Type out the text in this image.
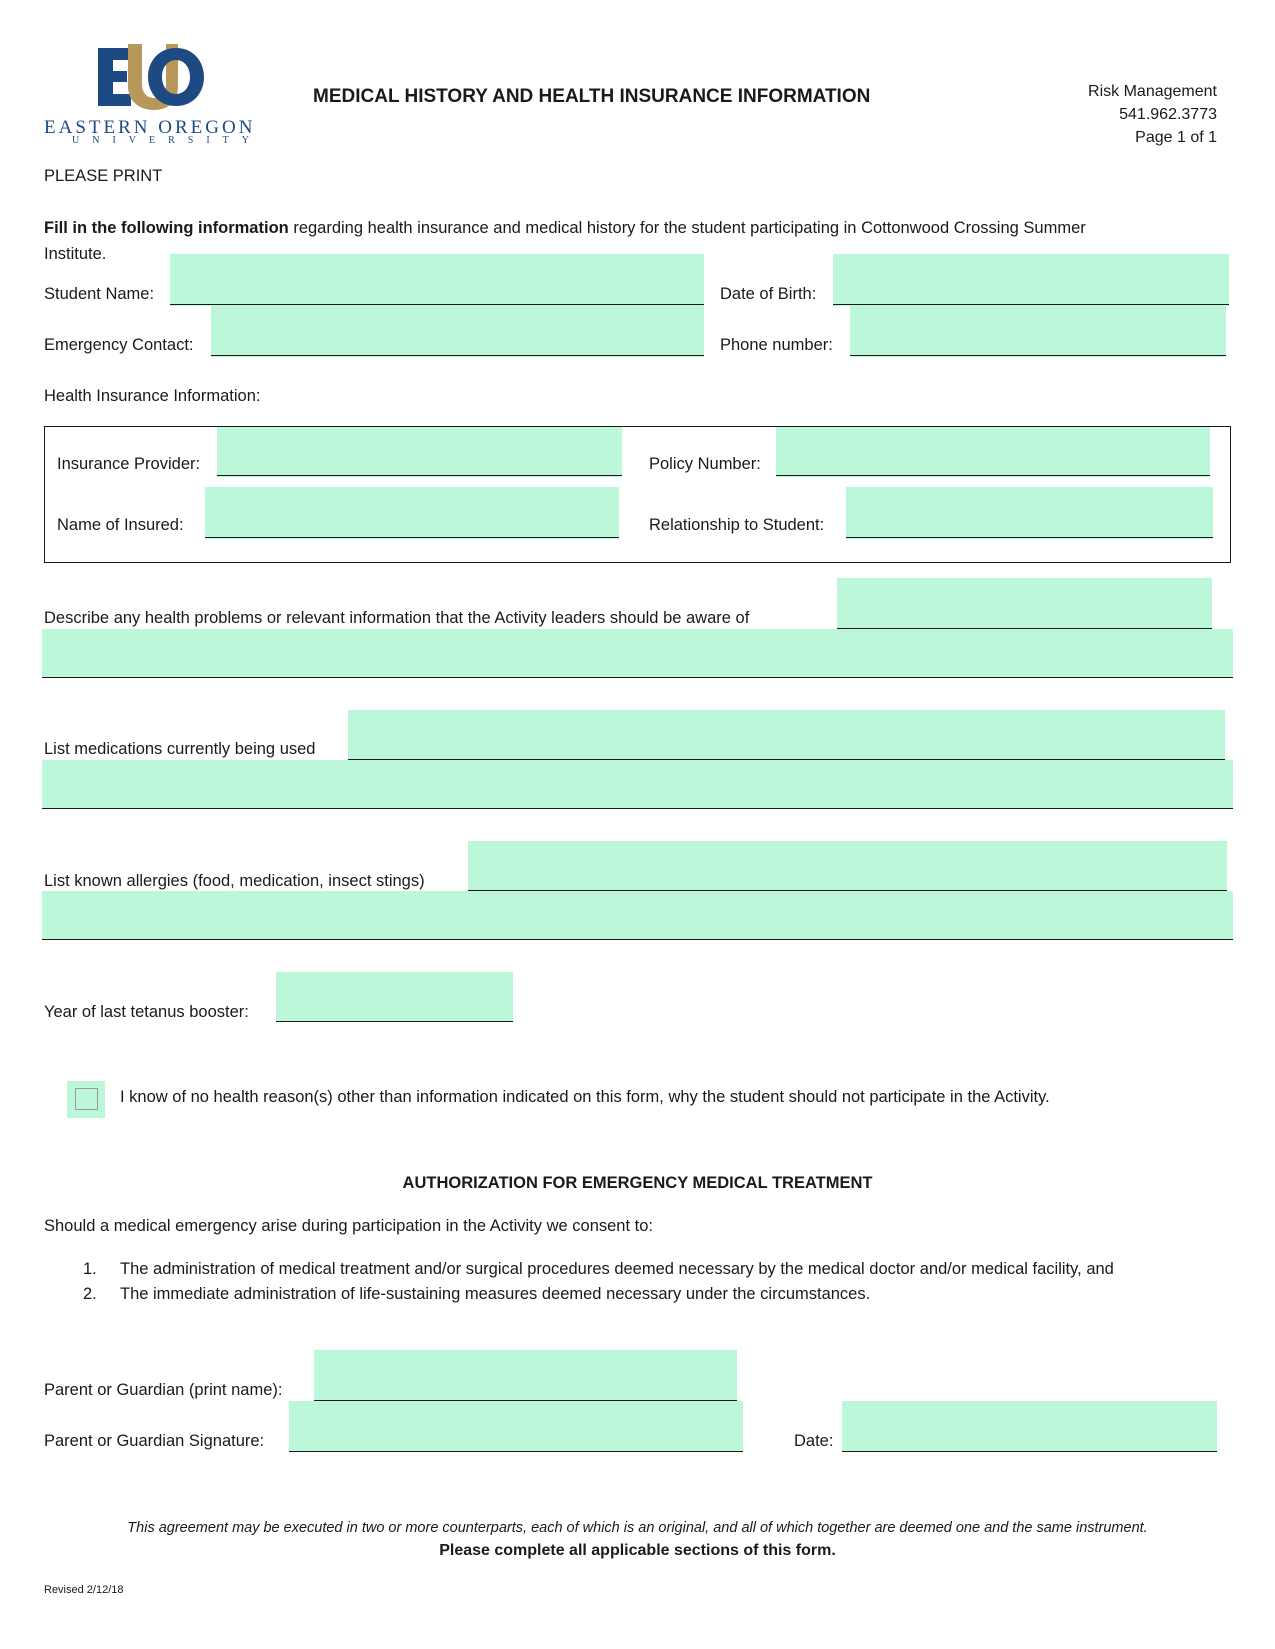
EASTERN OREGON
UNIVERSITY
MEDICAL HISTORY AND HEALTH INSURANCE INFORMATION	Risk Management
541.962.3773
Page 1 of 1
PLEASE PRINT
Fill in the following information regarding health insurance and medical history for the student participating in Cottonwood Crossing Summer
Institute.
Student Name:	Date of Birth:
Emergency Contact:	Phone number:
Health Insurance Information:
Insurance Provider:	Policy Number:
Name of Insured:	Relationship to Student:
Describe any health problems or relevant information that the Activity leaders should be aware of
List medications currently being used
List known allergies (food, medication, insect stings)
Year of last tetanus booster:
I know of no health reason(s) other than information indicated on this form, why the student should not participate in the Activity.
AUTHORIZATION FOR EMERGENCY MEDICAL TREATMENT
Should a medical emergency arise during participation in the Activity we consent to:
1. The administration of medical treatment and/or surgical procedures deemed necessary by the medical doctor and/or medical facility, and
2. The immediate administration of life-sustaining measures deemed necessary under the circumstances.
Parent or Guardian (print name):
Parent or Guardian Signature:	Date:
This agreement may be executed in two or more counterparts, each of which is an original, and all of which together are deemed one and the same instrument.
Please complete all applicable sections of this form.
Revised 2/12/18
